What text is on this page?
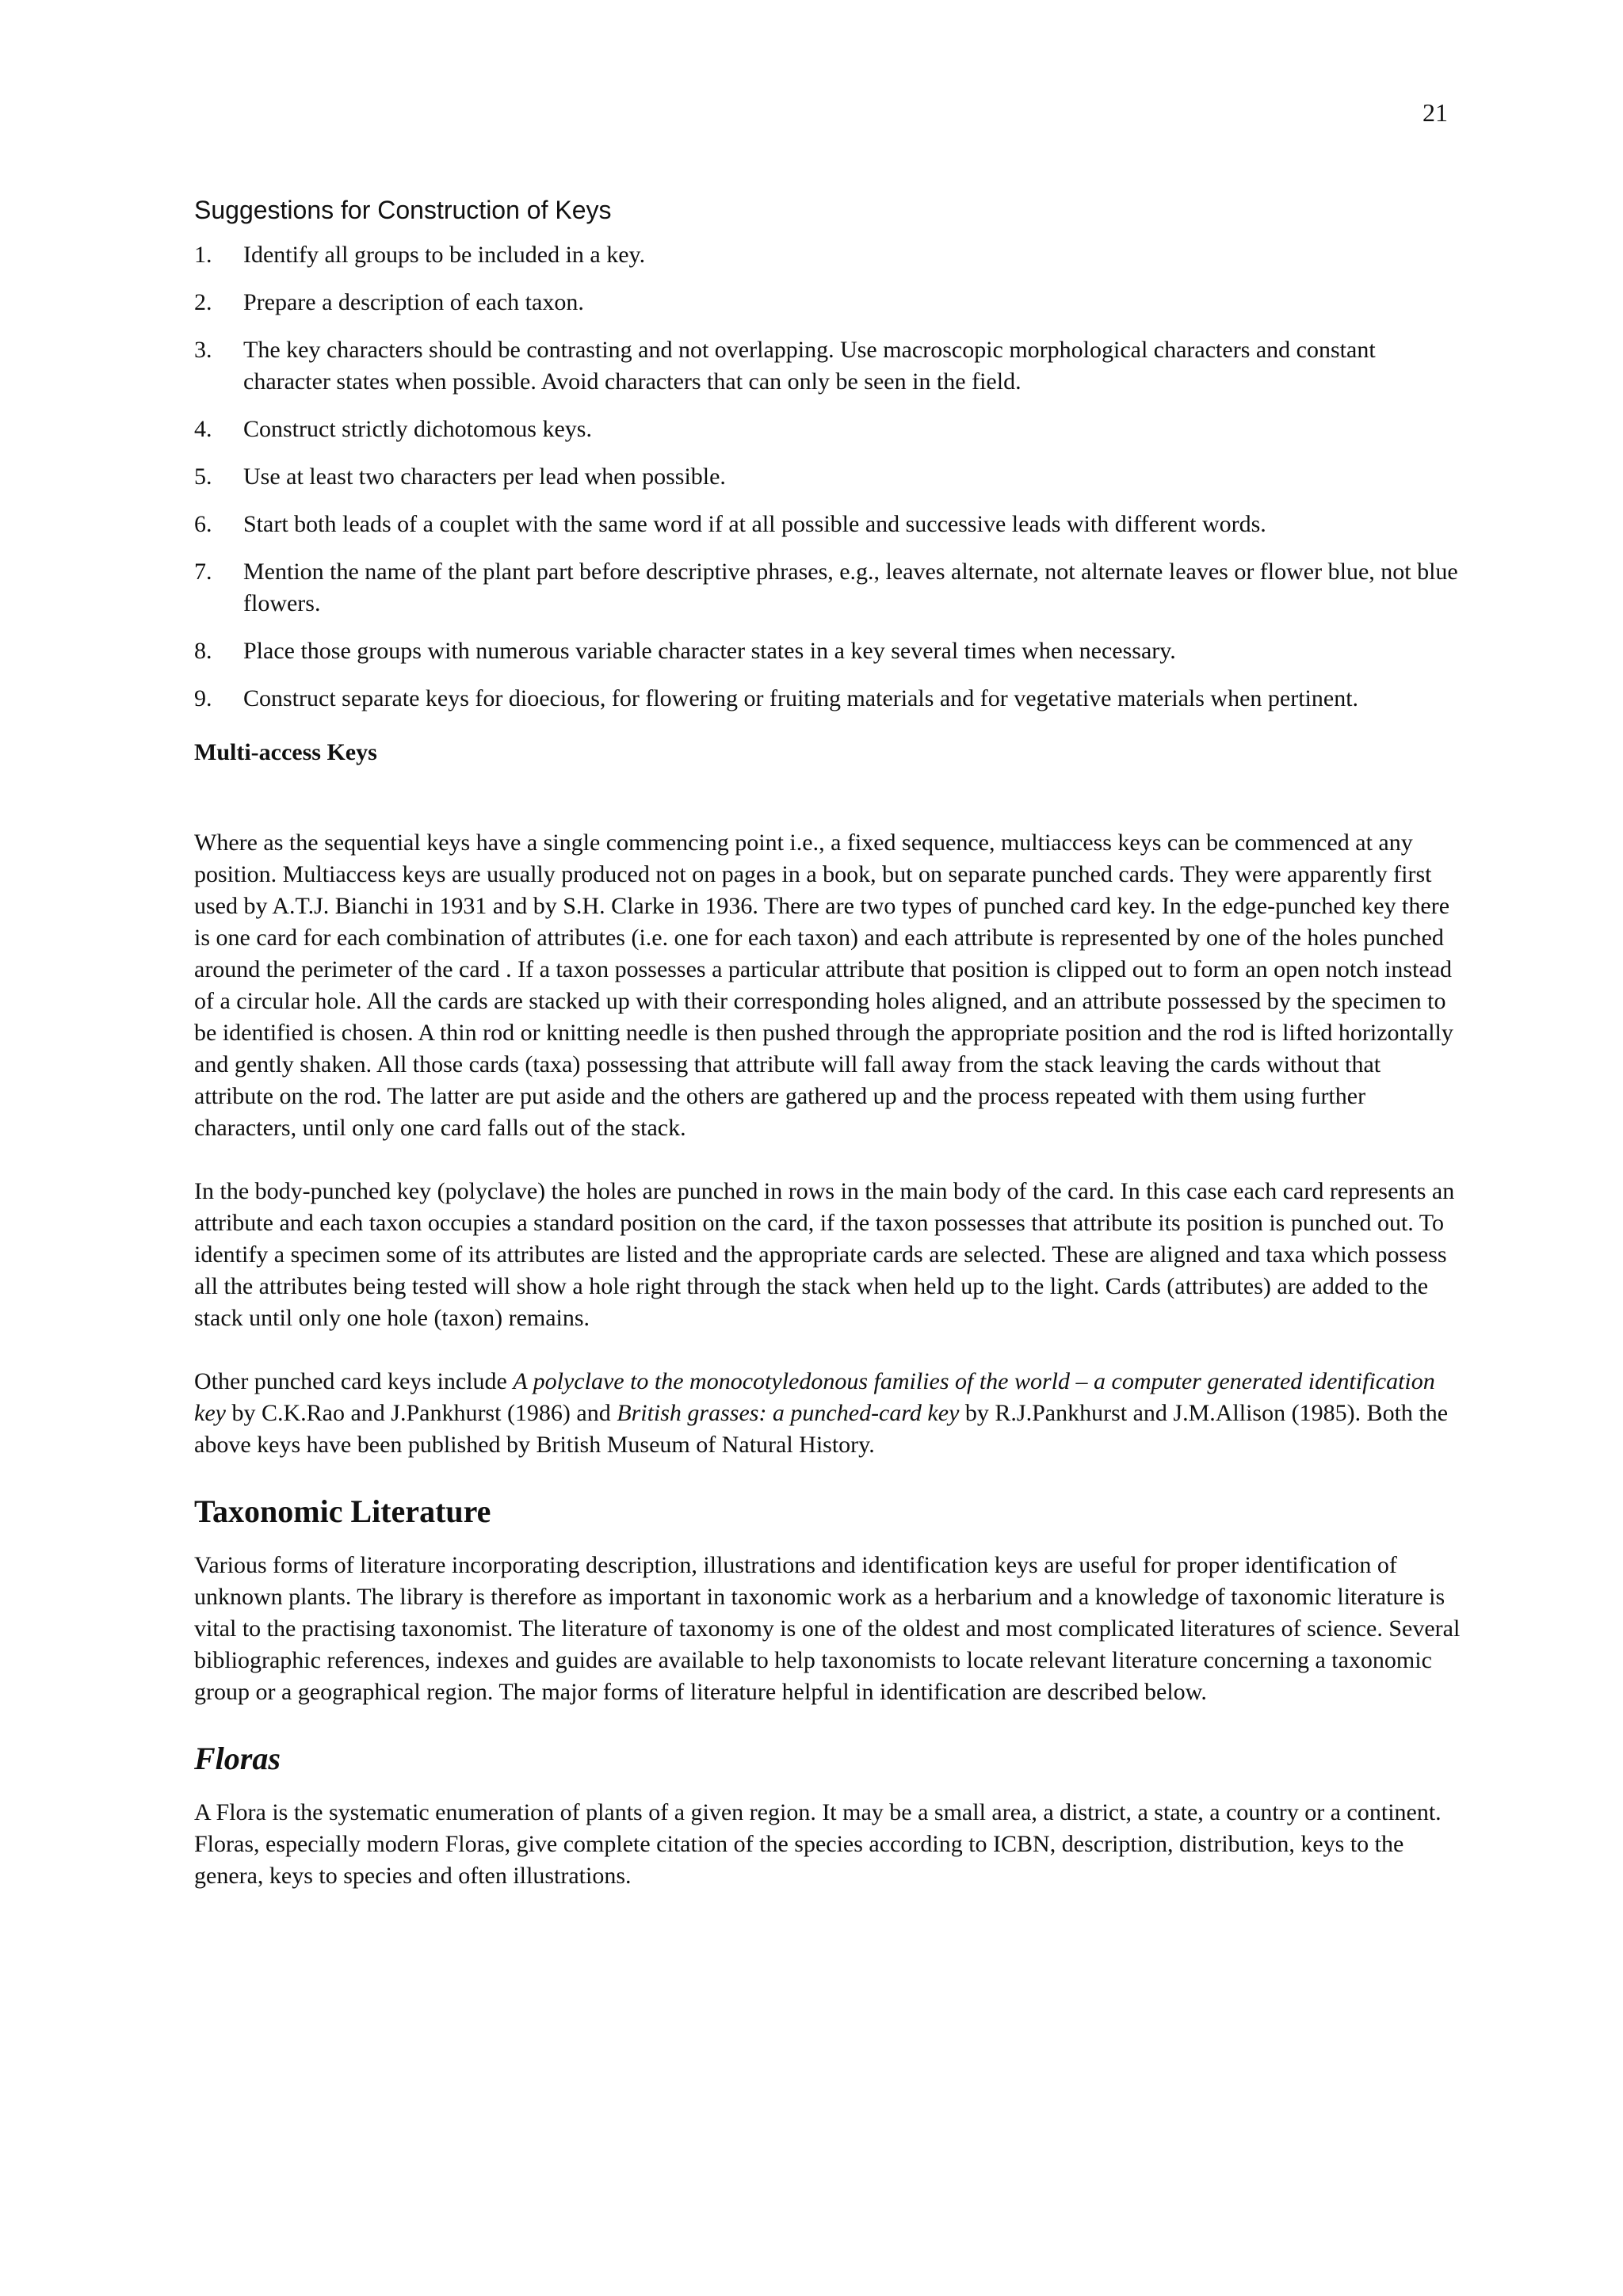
21
Suggestions for Construction of Keys
1. Identify all groups to be included in a key.
2. Prepare a description of each taxon.
3. The key characters should be contrasting and not overlapping. Use macroscopic morphological characters and constant character states when possible. Avoid characters that can only be seen in the field.
4. Construct strictly dichotomous keys.
5. Use at least two characters per lead when possible.
6. Start both leads of a couplet with the same word if at all possible and successive leads with different words.
7. Mention the name of the plant part before descriptive phrases, e.g., leaves alternate, not alternate leaves or flower blue, not blue flowers.
8. Place those groups with numerous variable character states in a key several times when necessary.
9. Construct separate keys for dioecious, for flowering or fruiting materials and for vegetative materials when pertinent.
Multi-access Keys

Where as the sequential keys have a single commencing point i.e., a fixed sequence, multiaccess keys can be commenced at any position. Multiaccess keys are usually produced not on pages in a book, but on separate punched cards. They were apparently first used by A.T.J. Bianchi in 1931 and by S.H. Clarke in 1936. There are two types of punched card key. In the edge-punched key there is one card for each combination of attributes (i.e. one for each taxon) and each attribute is represented by one of the holes punched around the perimeter of the card . If a taxon possesses a particular attribute that position is clipped out to form an open notch instead of a circular hole. All the cards are stacked up with their corresponding holes aligned, and an attribute possessed by the specimen to be identified is chosen. A thin rod or knitting needle is then pushed through the appropriate position and the rod is lifted horizontally and gently shaken. All those cards (taxa) possessing that attribute will fall away from the stack leaving the cards without that attribute on the rod. The latter are put aside and the others are gathered up and the process repeated with them using further characters, until only one card falls out of the stack.

In the body-punched key (polyclave) the holes are punched in rows in the main body of the card. In this case each card represents an attribute and each taxon occupies a standard position on the card, if the taxon possesses that attribute its position is punched out. To identify a specimen some of its attributes are listed and the appropriate cards are selected. These are aligned and taxa which possess all the attributes being tested will show a hole right through the stack when held up to the light. Cards (attributes) are added to the stack until only one hole (taxon) remains.

Other punched card keys include A polyclave to the monocotyledonous families of the world – a computer generated identification key by C.K.Rao and J.Pankhurst (1986) and British grasses: a punched-card key by R.J.Pankhurst and J.M.Allison (1985). Both the above keys have been published by British Museum of Natural History.

Taxonomic Literature

Various forms of literature incorporating description, illustrations and identification keys are useful for proper identification of unknown plants. The library is therefore as important in taxonomic work as a herbarium and a knowledge of taxonomic literature is vital to the practising taxonomist. The literature of taxonomy is one of the oldest and most complicated literatures of science. Several bibliographic references, indexes and guides are available to help taxonomists to locate relevant literature concerning a taxonomic group or a geographical region. The major forms of literature helpful in identification are described below.

Floras

A Flora is the systematic enumeration of plants of a given region. It may be a small area, a district, a state, a country or a continent. Floras, especially modern Floras, give complete citation of the species according to ICBN, description, distribution, keys to the genera, keys to species and often illustrations.
